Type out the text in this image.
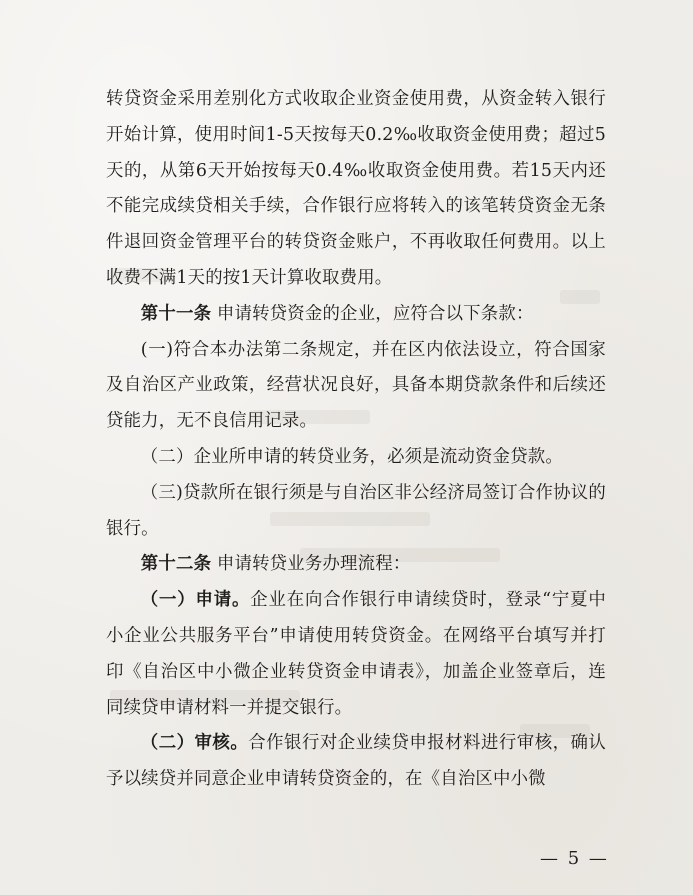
转贷资金采用差别化方式收取企业资金使用费，从资金转入银行开始计算，使用时间1-5天按每天0.2‰收取资金使用费；超过5天的，从第6天开始按每天0.4‰收取资金使用费。若15天内还不能完成续贷相关手续，合作银行应将转入的该笔转贷资金无条件退回资金管理平台的转贷资金账户，不再收取任何费用。以上收费不满1天的按1天计算收取费用。

第十一条 申请转贷资金的企业，应符合以下条款：

(一)符合本办法第二条规定，并在区内依法设立，符合国家及自治区产业政策，经营状况良好，具备本期贷款条件和后续还贷能力，无不良信用记录。

（二）企业所申请的转贷业务，必须是流动资金贷款。

（三)贷款所在银行须是与自治区非公经济局签订合作协议的银行。

第十二条 申请转贷业务办理流程：

（一）申请。企业在向合作银行申请续贷时，登录“宁夏中小企业公共服务平台”申请使用转贷资金。在网络平台填写并打印《自治区中小微企业转贷资金申请表》，加盖企业签章后，连同续贷申请材料一并提交银行。

（二）审核。合作银行对企业续贷申报材料进行审核，确认予以续贷并同意企业申请转贷资金的，在《自治区中小微

— 5 —
